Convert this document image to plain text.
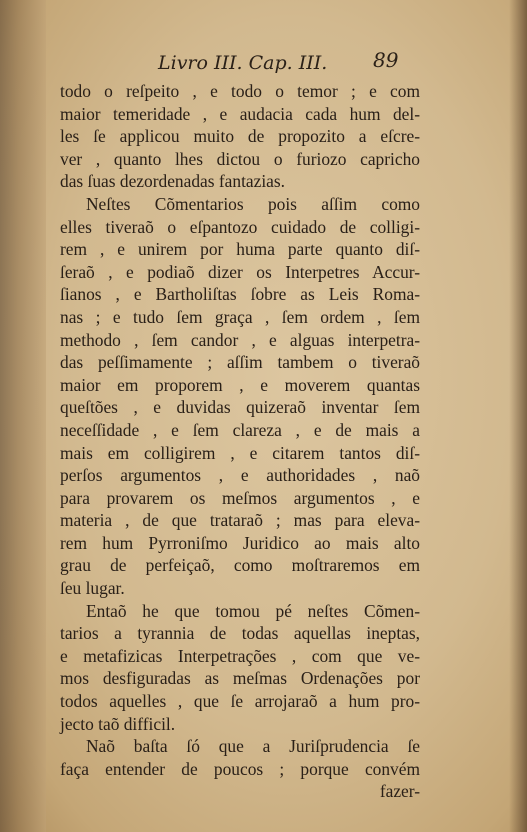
Livro III. Cap. III. 89
todo o reſpeito , e todo o temor ; e com
maior temeridade , e audacia cada hum del-
les ſe applicou muito de propozito a eſcre-
ver , quanto lhes dictou o furiozo capricho
das ſuas dezordenadas fantazias.
Neſtes Cõmentarios pois aſſim como
elles tiveraõ o eſpantozo cuidado de colligi-
rem , e unirem por huma parte quanto diſ-
ſeraõ , e podiaõ dizer os Interpetres Accur-
ſianos , e Bartholiſtas ſobre as Leis Roma-
nas ; e tudo ſem graça , ſem ordem , ſem
methodo , ſem candor , e alguas interpetra-
das peſſimamente ; aſſim tambem o tiveraõ
maior em proporem , e moverem quantas
queſtões , e duvidas quizeraõ inventar ſem
neceſſidade , e ſem clareza , e de mais a
mais em colligirem , e citarem tantos diſ-
perſos argumentos , e authoridades , naõ
para provarem os meſmos argumentos , e
materia , de que trataraõ ; mas para eleva-
rem hum Pyrroniſmo Juridico ao mais alto
grau de perfeiçaõ, como moſtraremos em
ſeu lugar.
Entaõ he que tomou pé neſtes Cõmen-
tarios a tyrannia de todas aquellas ineptas,
e metafizicas Interpetrações , com que ve-
mos desfiguradas as meſmas Ordenações por
todos aquelles , que ſe arrojaraõ a hum pro-
jecto taõ difficil.
Naõ baſta ſó que a Juriſprudencia ſe
faça entender de poucos ; porque convém
fazer-
